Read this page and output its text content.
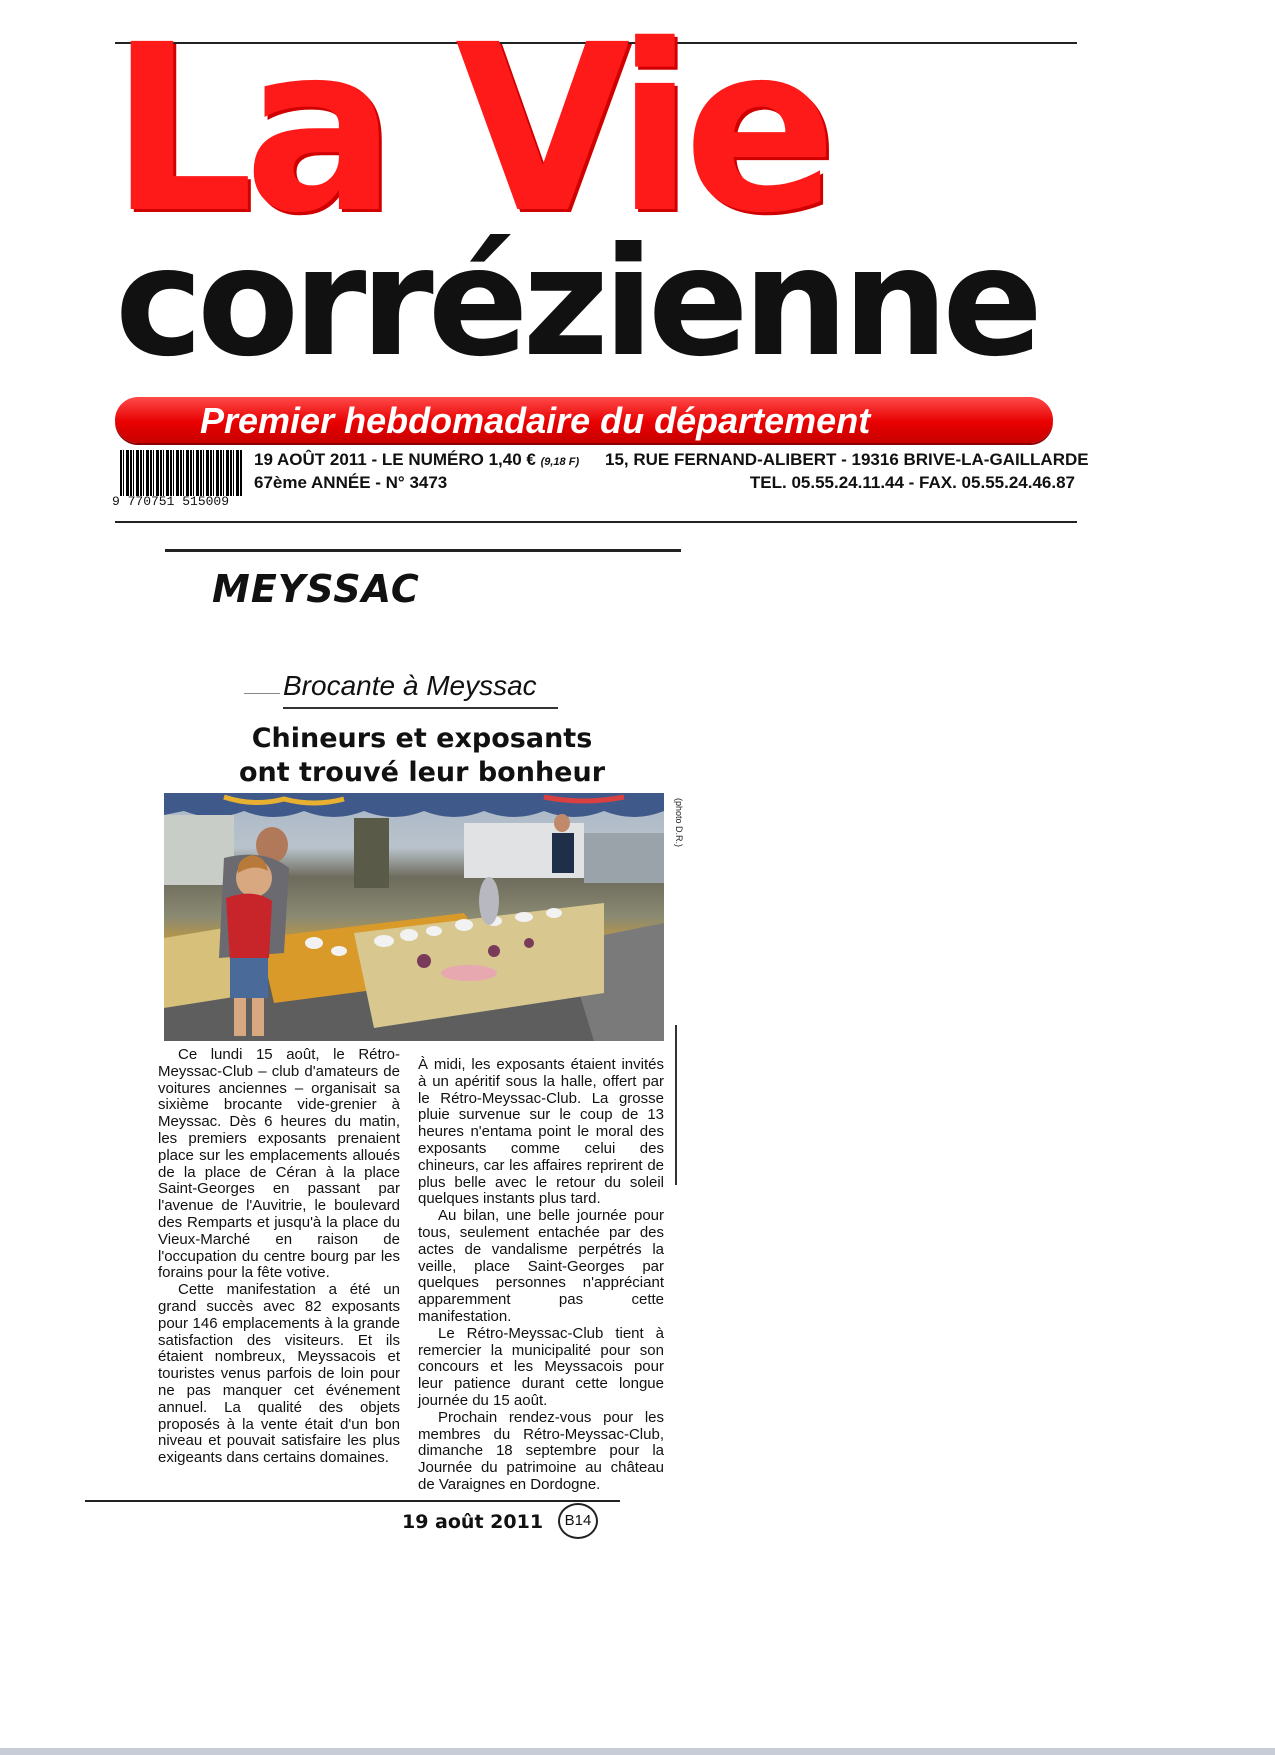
La Vie
corrézienne
Premier hebdomadaire du département
9 770751 515009
19 AOÛT 2011 - LE NUMÉRO 1,40 € (9,18 F) 15, RUE FERNAND-ALIBERT - 19316 BRIVE-LA-GAILLARDE
67ème ANNÉE - N° 3473	TEL. 05.55.24.11.44 - FAX. 05.55.24.46.87
MEYSSAC
Brocante à Meyssac
Chineurs et exposants
ont trouvé leur bonheur
(photo D.R.)

Ce lundi 15 août, le Rétro-Meyssac-Club – club d'amateurs de voitures anciennes – organisait sa sixième brocante vide-grenier à Meyssac. Dès 6 heures du matin, les premiers exposants prenaient place sur les emplacements alloués de la place de Céran à la place Saint-Georges en passant par l'avenue de l'Auvitrie, le boulevard des Remparts et jusqu'à la place du Vieux-Marché en raison de l'occupation du centre bourg par les forains pour la fête votive.

Cette manifestation a été un grand succès avec 82 exposants pour 146 emplacements à la grande satisfaction des visiteurs. Et ils étaient nombreux, Meyssacois et touristes venus parfois de loin pour ne pas manquer cet événement annuel. La qualité des objets proposés à la vente était d'un bon niveau et pouvait satisfaire les plus exigeants dans certains domaines.

À midi, les exposants étaient invités à un apéritif sous la halle, offert par le Rétro-Meyssac-Club. La grosse pluie survenue sur le coup de 13 heures n'entama point le moral des exposants comme celui des chineurs, car les affaires reprirent de plus belle avec le retour du soleil quelques instants plus tard.

Au bilan, une belle journée pour tous, seulement entachée par des actes de vandalisme perpétrés la veille, place Saint-Georges par quelques personnes n'appréciant apparemment pas cette manifestation.

Le Rétro-Meyssac-Club tient à remercier la municipalité pour son concours et les Meyssacois pour leur patience durant cette longue journée du 15 août.

Prochain rendez-vous pour les membres du Rétro-Meyssac-Club, dimanche 18 septembre pour la Journée du patrimoine au château de Varaignes en Dordogne.

19 août 2011	B14
